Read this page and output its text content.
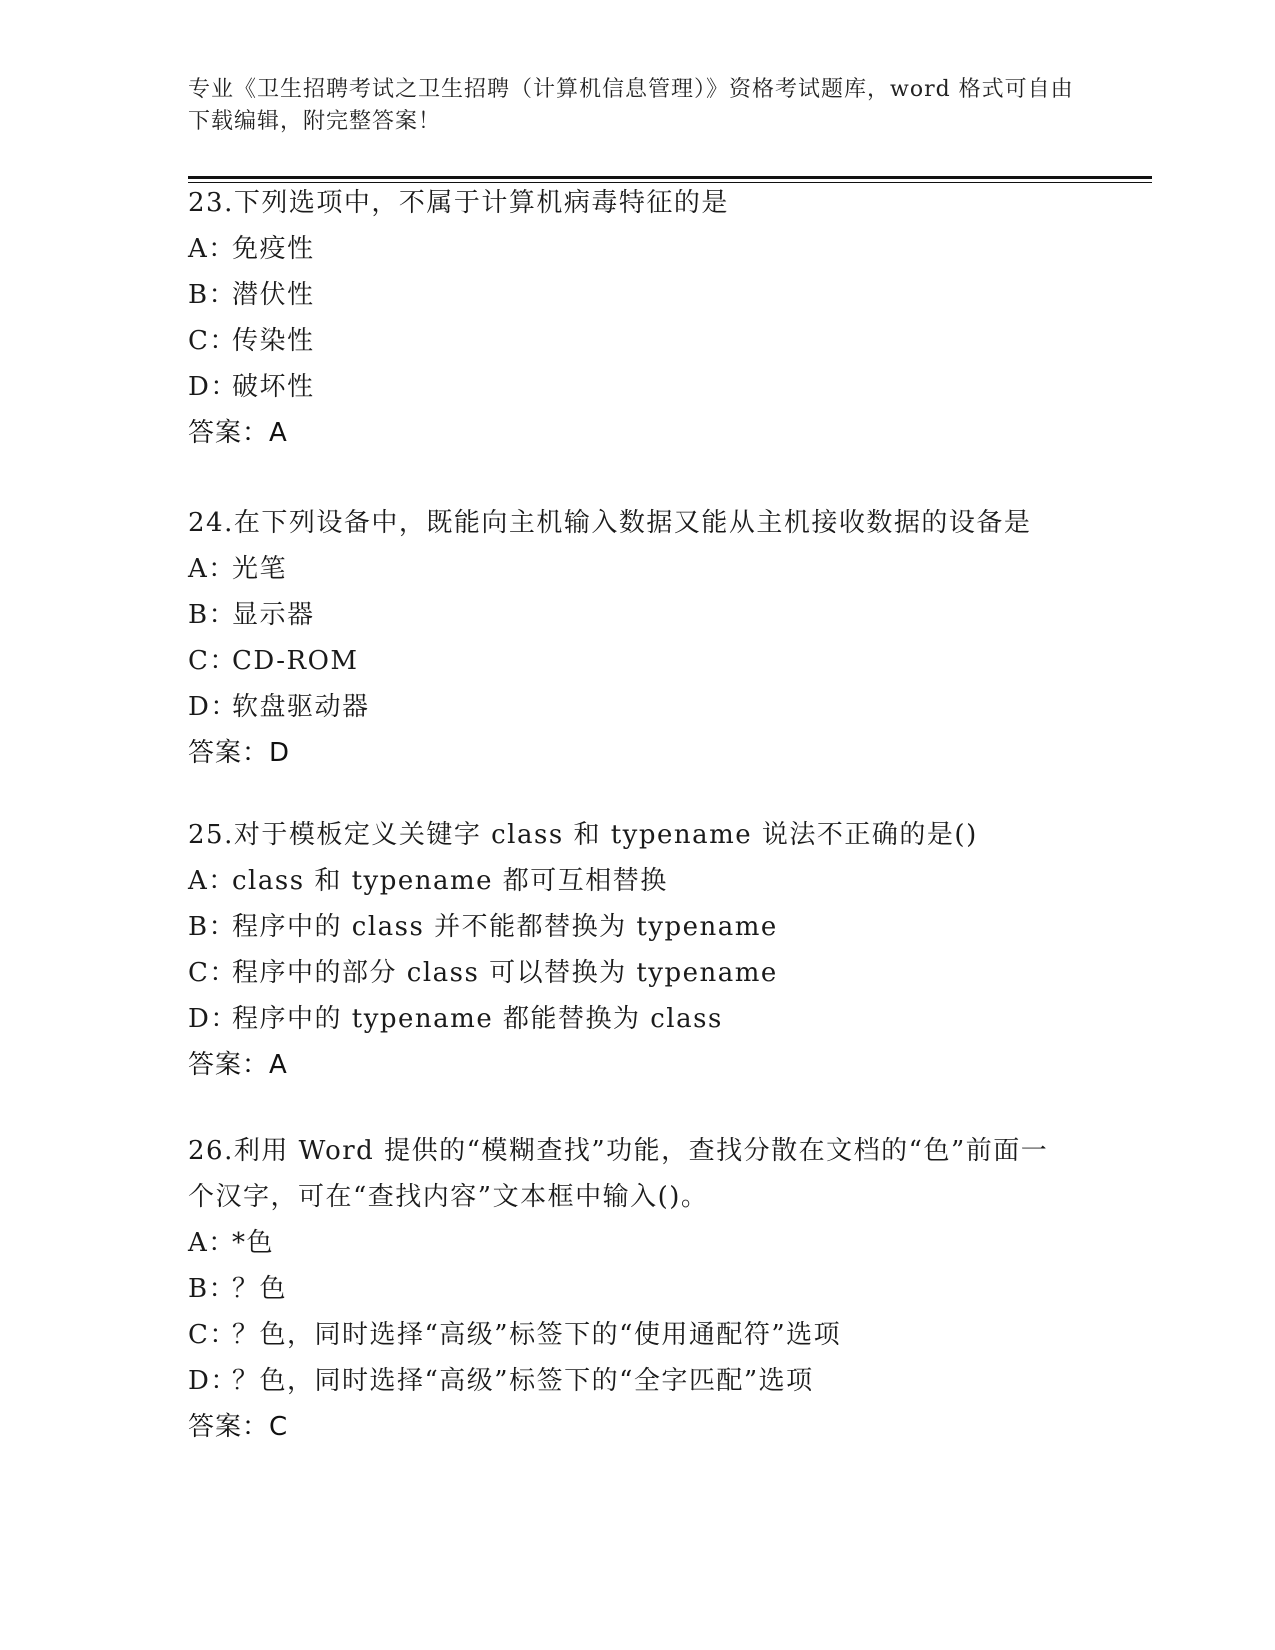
专业《卫生招聘考试之卫生招聘（计算机信息管理）》资格考试题库，word 格式可自由下载编辑，附完整答案！
23.下列选项中，不属于计算机病毒特征的是
A：免疫性
B：潜伏性
C：传染性
D：破坏性
答案：A
24.在下列设备中，既能向主机输入数据又能从主机接收数据的设备是
A：光笔
B：显示器
C：CD-ROM
D：软盘驱动器
答案：D
25.对于模板定义关键字 class 和 typename 说法不正确的是()
A：class 和 typename 都可互相替换
B：程序中的 class 并不能都替换为 typename
C：程序中的部分 class 可以替换为 typename
D：程序中的 typename 都能替换为 class
答案：A
26.利用 Word 提供的“模糊查找”功能，查找分散在文档的“色”前面一个汉字，可在“查找内容”文本框中输入()。
A：*色
B：？色
C：？色，同时选择“高级”标签下的“使用通配符”选项
D：？色，同时选择“高级”标签下的“全字匹配”选项
答案：C
